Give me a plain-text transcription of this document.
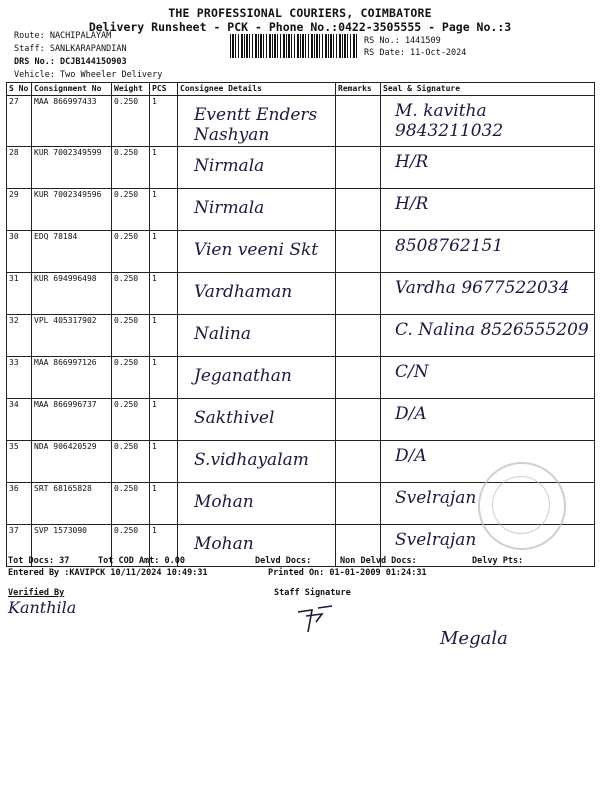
THE PROFESSIONAL COURIERS, COIMBATORE
Delivery Runsheet - PCK - Phone No.:0422-3505555 - Page No.:3
Route: NACHIPALAYAM
Staff: SANLKARAPANDIAN
DRS No.: DCJB14415O903
Vehicle: Two Wheeler Delivery
RS No.: 1441509
RS Date: 11-Oct-2024
S No	Consignment No	Weight	PCS	Consignee Details	Remarks	Seal & Signature
27	MAA 866997433	0.250	1	Eventt Enders Nashyan		M. kavitha 9843211032

28	KUR 7002349599	0.250	1	Nirmala		H/R

29	KUR 7002349596	0.250	1	Nirmala		H/R

30	EDQ 78184	0.250	1	Vien veeni Skt		8508762151

31	KUR 694996498	0.250	1	Vardhaman		Vardha 9677522034

32	VPL 405317902	0.250	1	Nalina		C. Nalina 8526555209

33	MAA 866997126	0.250	1	Jeganathan		C/N

34	MAA 866996737	0.250	1	Sakthivel		D/A

35	NDA 906420529	0.250	1	S.vidhayalam		D/A

36	SRT 68165828	0.250	1	Mohan		Svelrajan

37	SVP 1573090	0.250	1	Mohan		Svelrajan
Tot Docs: 37	Tot COD Amt: 0.00	Delvd Docs:	Non Delvd Docs:	Delvy Pts:
Entered By :KAVIPCK 10/11/2024 10:49:31	Printed On: 01-01-2009 01:24:31
Verified By	Staff Signature
Kanthila
Megala
